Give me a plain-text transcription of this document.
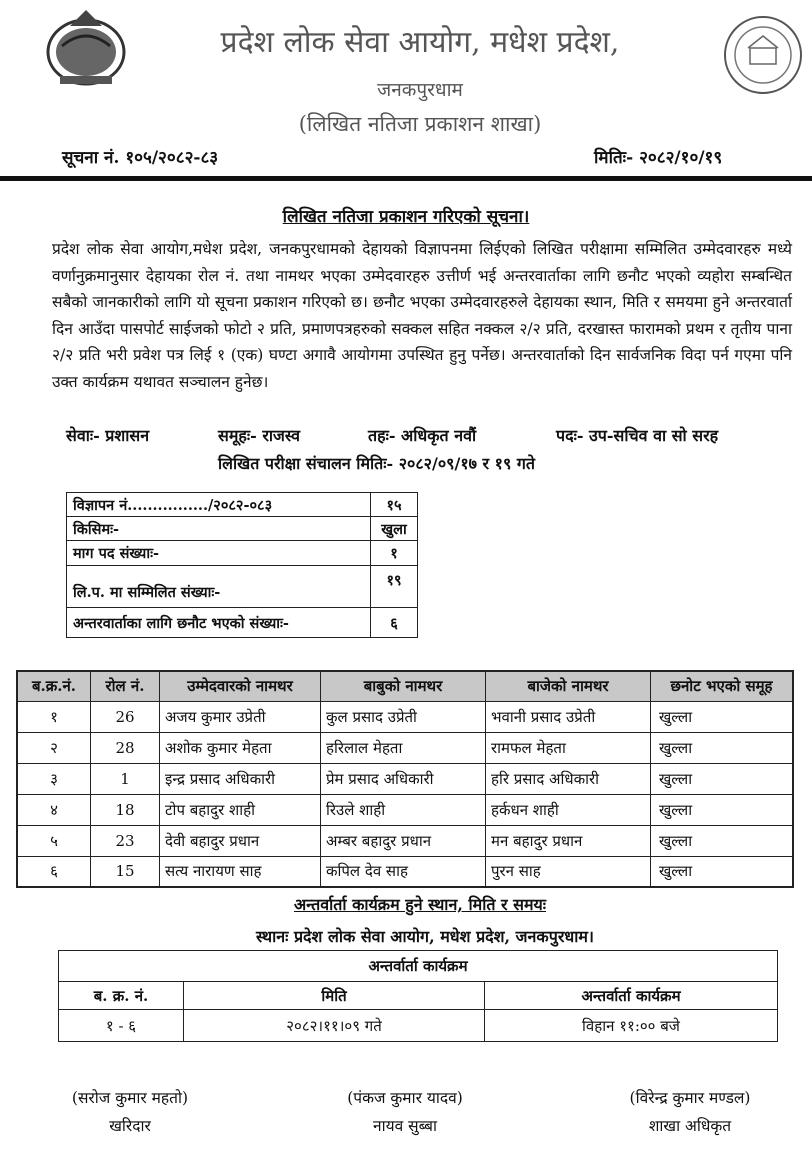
प्रदेश लोक सेवा आयोग, मधेश प्रदेश,
जनकपुरधाम
(लिखित नतिजा प्रकाशन शाखा)
सूचना नं. १०५/२०८२-८३	मितिः- २०८२/१०/१९
लिखित नतिजा प्रकाशन गरिएको सूचना।
प्रदेश लोक सेवा आयोग,मधेश प्रदेश, जनकपुरधामको देहायको विज्ञापनमा लिईएको लिखित परीक्षामा सम्मिलित उम्मेदवारहरु मध्ये वर्णानुक्रमानुसार देहायका रोल नं. तथा नामथर भएका उम्मेदवारहरु उत्तीर्ण भई अन्तरवार्ताका लागि छनौट भएको व्यहोरा सम्बन्धित सबैको जानकारीको लागि यो सूचना प्रकाशन गरिएको छ। छनौट भएका उम्मेदवारहरुले देहायका स्थान, मिति र समयमा हुने अन्तरवार्ता दिन आउँदा पासपोर्ट साईजको फोटो २ प्रति, प्रमाणपत्रहरुको सक्कल सहित नक्कल २/२ प्रति, दरखास्त फारामको प्रथम र तृतीय पाना २/२ प्रति भरी प्रवेश पत्र लिई १ (एक) घण्टा अगावै आयोगमा उपस्थित हुनु पर्नेछ। अन्तरवार्ताको दिन सार्वजनिक विदा पर्न गएमा पनि उक्त कार्यक्रम यथावत सञ्चालन हुनेछ।
सेवाः- प्रशासन	समूहः- राजस्व	तहः- अधिकृत नवौं	पदः- उप-सचिव वा सो सरह
लिखित परीक्षा संचालन मितिः- २०८२/०९/१७ र १९ गते
विज्ञापन नं................/२०८२-०८३	१५
किसिमः-	खुला
माग पद संख्याः-	१
लि.प. मा सम्मिलित संख्याः-	१९
अन्तरवार्ताका लागि छनौट भएको संख्याः-	६
ब.क्र.नं.	रोल नं.	उम्मेदवारको नामथर	बाबुको नामथर	बाजेको नामथर	छनोट भएको समूह
१	26	अजय कुमार उप्रेती	कुल प्रसाद उप्रेती	भवानी प्रसाद उप्रेती	खुल्ला
२	28	अशोक कुमार मेहता	हरिलाल मेहता	रामफल मेहता	खुल्ला
३	1	इन्द्र प्रसाद अधिकारी	प्रेम प्रसाद अधिकारी	हरि प्रसाद अधिकारी	खुल्ला
४	18	टोप बहादुर शाही	रिउले शाही	हर्कधन शाही	खुल्ला
५	23	देवी बहादुर प्रधान	अम्बर बहादुर प्रधान	मन बहादुर प्रधान	खुल्ला
६	15	सत्य नारायण साह	कपिल देव साह	पुरन साह	खुल्ला
अन्तर्वार्ता कार्यक्रम हुने स्थान, मिति र समयः
स्थानः प्रदेश लोक सेवा आयोग, मधेश प्रदेश, जनकपुरधाम।
अन्तर्वार्ता कार्यक्रम		
ब. क्र. नं.	मिति	अन्तर्वार्ता कार्यक्रम
१ - ६	२०८२।११।०९ गते	विहान ११:०० बजे
(सरोज कुमार महतो)
खरिदार
(पंकज कुमार यादव)
नायव सुब्बा
(विरेन्द्र कुमार मण्डल)
शाखा अधिकृत
